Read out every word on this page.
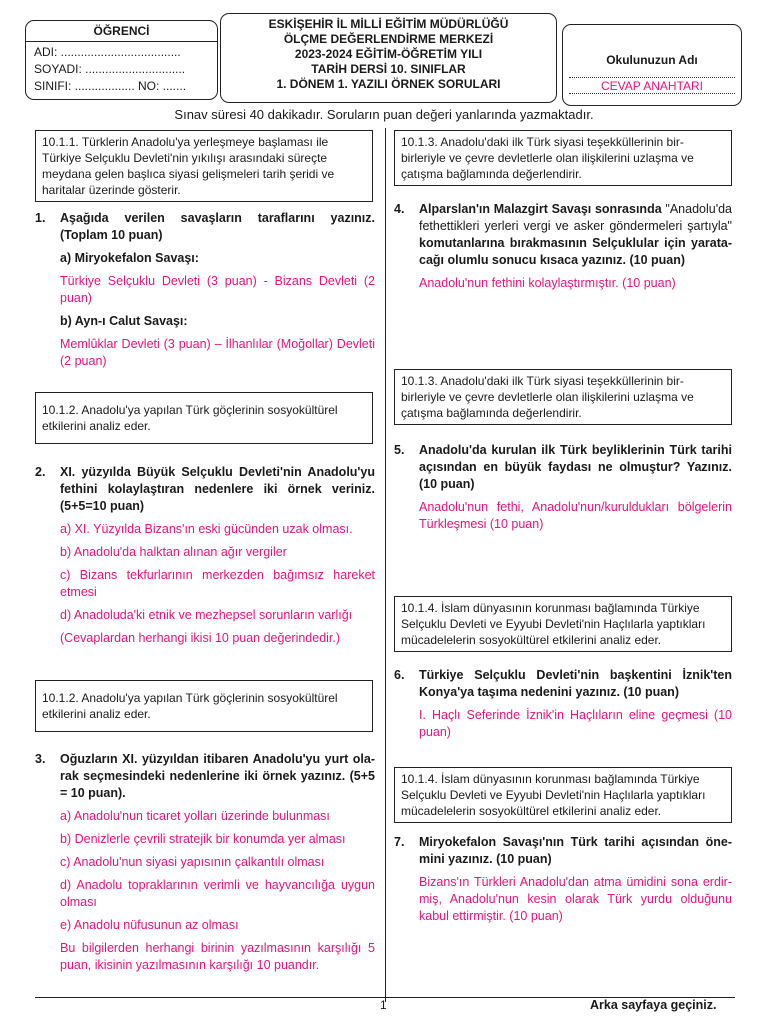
ÖĞRENCİ
ADI: ....................................
SOYADI: ..............................
SINIFI: .................. NO: .......
ESKİŞEHİR İL MİLLİ EĞİTİM MÜDÜRLÜĞÜ
ÖLÇME DEĞERLENDİRME MERKEZİ
2023-2024 EĞİTİM-ÖĞRETİM YILI
TARİH DERSİ 10. SINIFLAR
1. DÖNEM 1. YAZILI ÖRNEK SORULARI
Okulunuzun Adı
CEVAP ANAHTARI
Sınav süresi 40 dakikadır. Soruların puan değeri yanlarında yazmaktadır.
10.1.1. Türklerin Anadolu'ya yerleşmeye başlaması ile Türkiye Selçuklu Devleti'nin yıkılışı arasındaki süreçte meydana gelen başlıca siyasi gelişmeleri tarih şeridi ve haritalar üzerinde gösterir.
1. Aşağıda verilen savaşların taraflarını yazınız. (Toplam 10 puan)
a) Miryokefalon Savaşı:
Türkiye Selçuklu Devleti (3 puan) - Bizans Devleti (2 puan)
b) Ayn-ı Calut Savaşı:
Memlûklar Devleti (3 puan) – İlhanlılar (Moğollar) Devleti (2 puan)
10.1.2. Anadolu'ya yapılan Türk göçlerinin sosyokültürel etkilerini analiz eder.
2. XI. yüzyılda Büyük Selçuklu Devleti'nin Anadolu'yu fethini kolaylaştıran nedenlere iki örnek veriniz. (5+5=10 puan)
a) XI. Yüzyılda Bizans'ın eski gücünden uzak olması.
b) Anadolu'da halktan alınan ağır vergiler
c) Bizans tekfurlarının merkezden bağımsız hareket etmesi
d) Anadoluda'ki etnik ve mezhepsel sorunların varlığı
(Cevaplardan herhangi ikisi 10 puan değerindedir.)
10.1.2. Anadolu'ya yapılan Türk göçlerinin sosyokültürel etkilerini analiz eder.
3. Oğuzların XI. yüzyıldan itibaren Anadolu'yu yurt ola-rak seçmesindeki nedenlerine iki örnek yazınız. (5+5 = 10 puan).
a) Anadolu'nun ticaret yolları üzerinde bulunması
b) Denizlerle çevrili stratejik bir konumda yer alması
c) Anadolu'nun siyasi yapısının çalkantılı olması
d) Anadolu topraklarının verimli ve hayvancılığa uygun olması
e) Anadolu nüfusunun az olması
Bu bilgilerden herhangi birinin yazılmasının karşılığı 5 puan, ikisinin yazılmasının karşılığı 10 puandır.
10.1.3. Anadolu'daki ilk Türk siyasi teşekküllerinin bir-birleriyle ve çevre devletlerle olan ilişkilerini uzlaşma ve çatışma bağlamında değerlendirir.
4. Alparslan'ın Malazgirt Savaşı sonrasında "Anadolu'da fethettikleri yerleri vergi ve asker göndermeleri şartıyla" komutanlarına bırakmasının Selçuklular için yarata-cağı olumlu sonucu kısaca yazınız. (10 puan)
Anadolu'nun fethini kolaylaştırmıştır. (10 puan)
10.1.3. Anadolu'daki ilk Türk siyasi teşekküllerinin bir-birleriyle ve çevre devletlerle olan ilişkilerini uzlaşma ve çatışma bağlamında değerlendirir.
5. Anadolu'da kurulan ilk Türk beyliklerinin Türk tarihi açısından en büyük faydası ne olmuştur? Yazınız. (10 puan)
Anadolu'nun fethi, Anadolu'nun/kuruldukları bölgelerin Türkleşmesi (10 puan)
10.1.4. İslam dünyasının korunması bağlamında Türkiye Selçuklu Devleti ve Eyyubi Devleti'nin Haçlılarla yaptıkları mücadelelerin sosyokültürel etkilerini analiz eder.
6. Türkiye Selçuklu Devleti'nin başkentini İznik'ten Konya'ya taşıma nedenini yazınız. (10 puan)
I. Haçlı Seferinde İznik'in Haçlıların eline geçmesi (10 puan)
10.1.4. İslam dünyasının korunması bağlamında Türkiye Selçuklu Devleti ve Eyyubi Devleti'nin Haçlılarla yaptıkları mücadelelerin sosyokültürel etkilerini analiz eder.
7. Miryokefalon Savaşı'nın Türk tarihi açısından öne-mini yazınız. (10 puan)
Bizans'ın Türkleri Anadolu'dan atma ümidini sona erdir-miş, Anadolu'nun kesin olarak Türk yurdu olduğunu kabul ettirmiştir. (10 puan)
1	Arka sayfaya geçiniz.
